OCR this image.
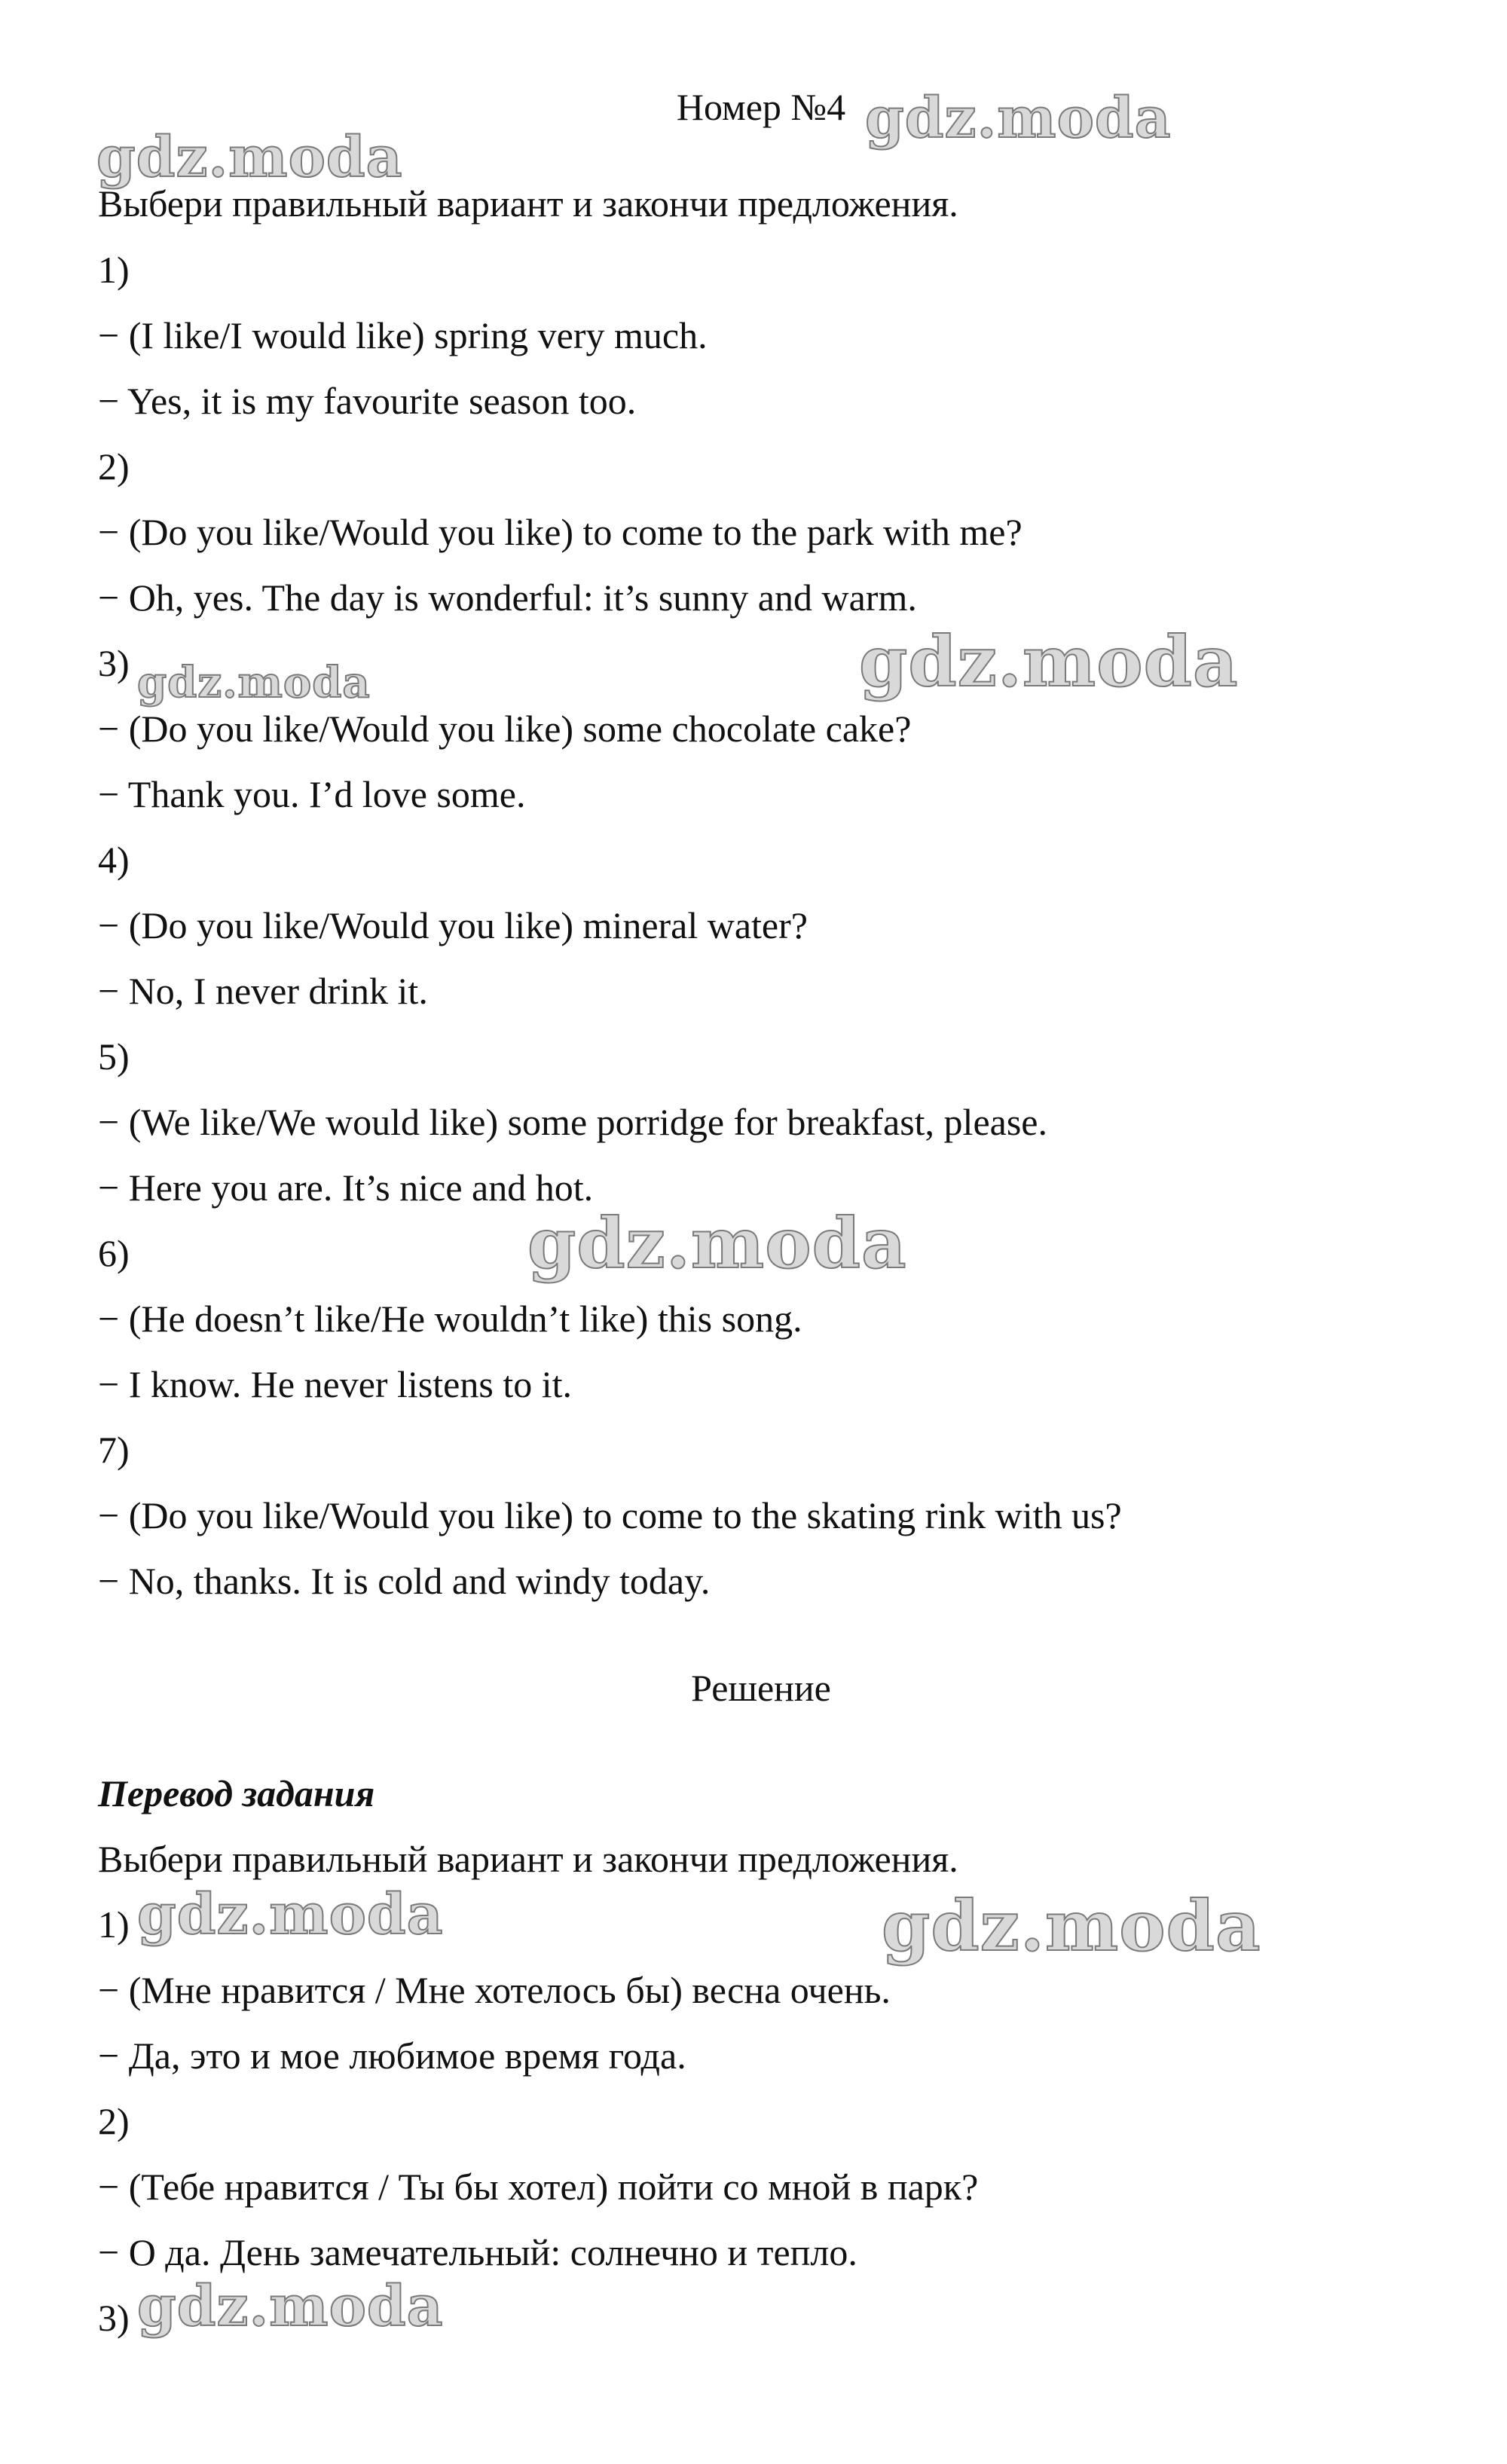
Номер №4
Выбери правильный вариант и закончи предложения.
1)
− (I like/I would like) spring very much.
− Yes, it is my favourite season too.
2)
− (Do you like/Would you like) to come to the park with me?
− Oh, yes. The day is wonderful: it’s sunny and warm.
3)
− (Do you like/Would you like) some chocolate cake?
− Thank you. I’d love some.
4)
− (Do you like/Would you like) mineral water?
− No, I never drink it.
5)
− (We like/We would like) some porridge for breakfast, please.
− Here you are. It’s nice and hot.
6)
− (He doesn’t like/He wouldn’t like) this song.
− I know. He never listens to it.
7)
− (Do you like/Would you like) to come to the skating rink with us?
− No, thanks. It is cold and windy today.
Решение
Перевод задания
Выбери правильный вариант и закончи предложения.
1)
− (Мне нравится / Мне хотелось бы) весна очень.
− Да, это и мое любимое время года.
2)
− (Тебе нравится / Ты бы хотел) пойти со мной в парк?
− О да. День замечательный: солнечно и тепло.
3)
gdz.moda
gdz.moda
gdz.moda	gdz.moda
gdz.moda
gdz.moda	gdz.moda
gdz.moda
